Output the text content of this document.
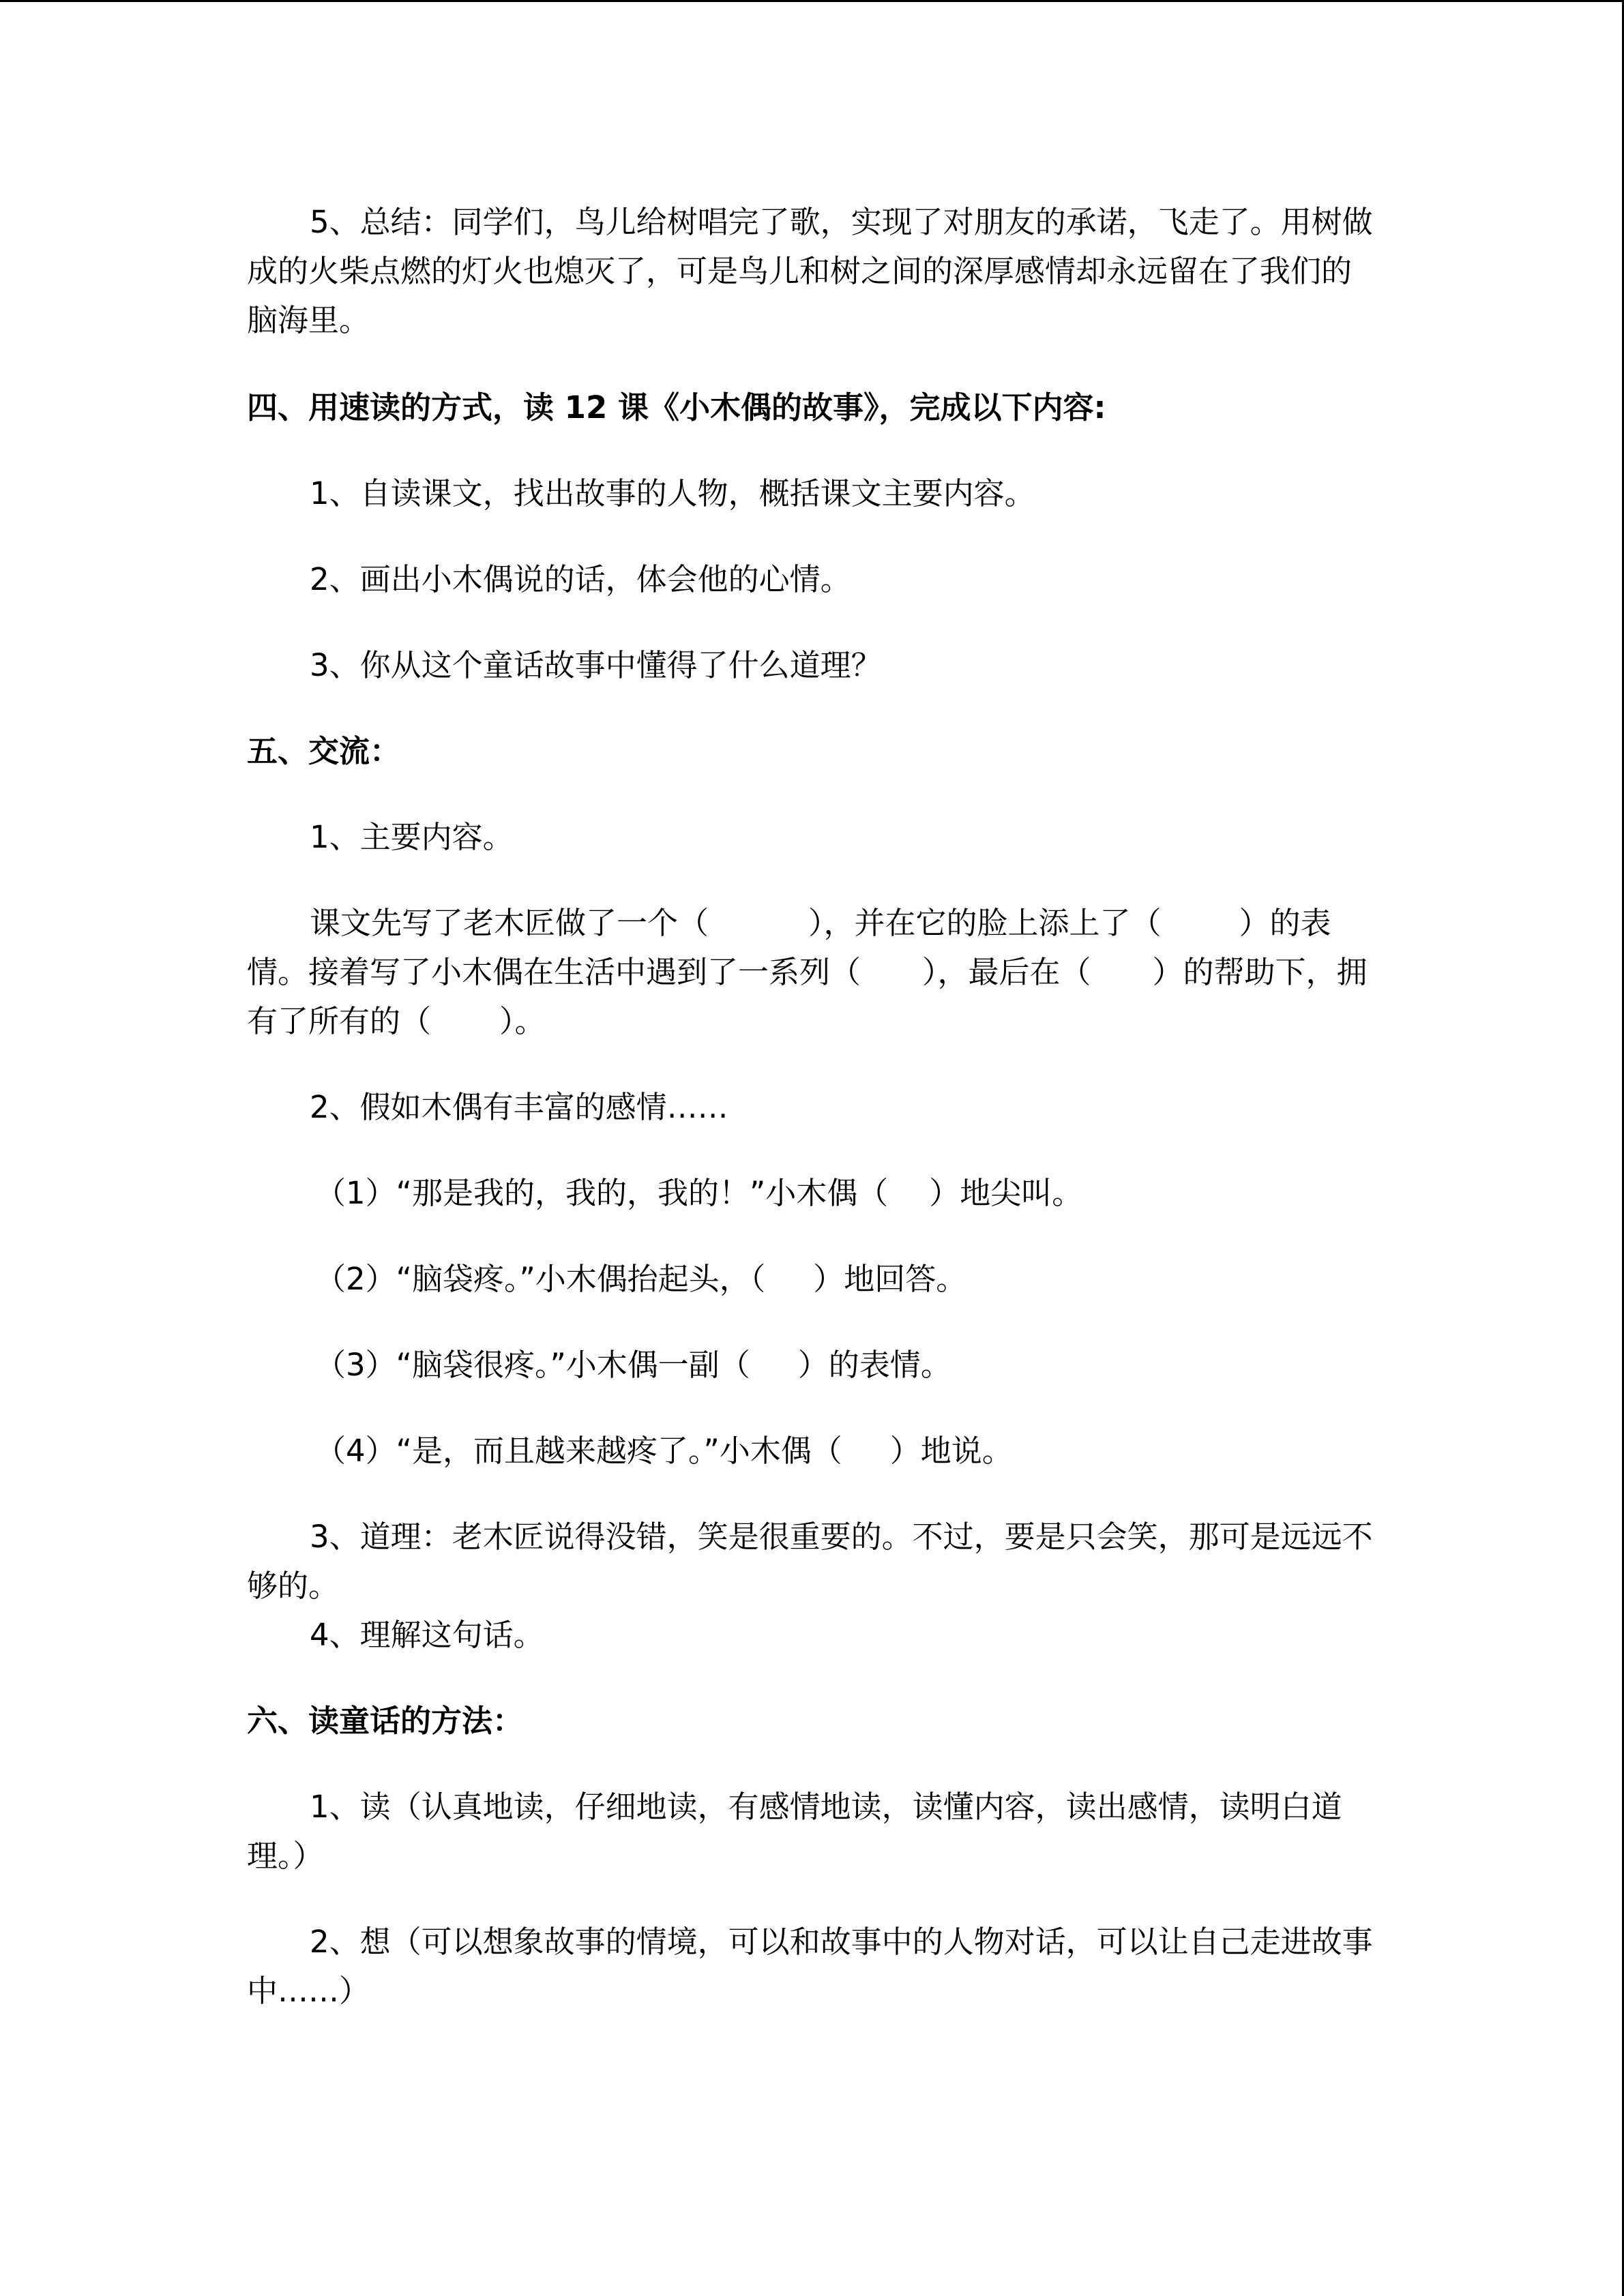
5、总结：同学们，鸟儿给树唱完了歌，实现了对朋友的承诺，飞走了。用树做成的火柴点燃的灯火也熄灭了，可是鸟儿和树之间的深厚感情却永远留在了我们的脑海里。

四、用速读的方式，读 12 课《小木偶的故事》，完成以下内容:

1、自读课文，找出故事的人物，概括课文主要内容。

2、画出小木偶说的话，体会他的心情。

3、你从这个童话故事中懂得了什么道理？

五、交流：

1、主要内容。

课文先写了老木匠做了一个（	），并在它的脸上添上了（	）的表情。接着写了小木偶在生活中遇到了一系列（ ），最后在（ ）的帮助下，拥有了所有的（ ）。

2、假如木偶有丰富的感情……

（1）“那是我的，我的，我的！”小木偶（ ）地尖叫。

（2）“脑袋疼。”小木偶抬起头，（ ）地回答。

（3）“脑袋很疼。”小木偶一副（ ）的表情。

（4）“是，而且越来越疼了。”小木偶（ ）地说。

3、道理：老木匠说得没错，笑是很重要的。不过，要是只会笑，那可是远远不够的。

4、理解这句话。

六、读童话的方法：

1、读（认真地读，仔细地读，有感情地读，读懂内容，读出感情，读明白道理。）

2、想（可以想象故事的情境，可以和故事中的人物对话，可以让自己走进故事中……）
